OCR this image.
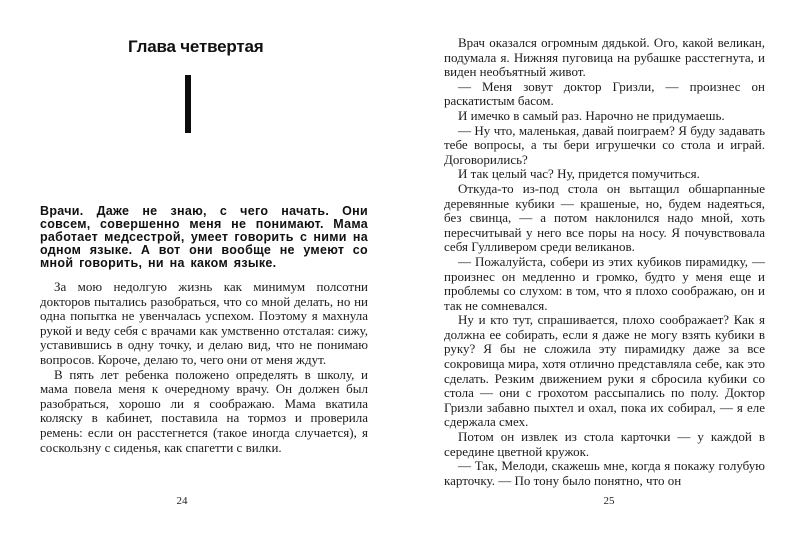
Глава четвертая
Врачи. Даже не знаю, с чего начать. Они совсем, совершенно меня не понимают. Мама работает медсестрой, умеет говорить с ними на одном языке. А вот они вообще не умеют со мной говорить, ни на каком языке.

За мою недолгую жизнь как минимум полсотни докторов пытались разобраться, что со мной делать, но ни одна попытка не увенчалась успехом. Поэтому я махнула рукой и веду себя с врачами как умственно отсталая: сижу, уставившись в одну точку, и делаю вид, что не понимаю вопросов. Короче, делаю то, чего они от меня ждут.

В пять лет ребенка положено определять в школу, и мама повела меня к очередному врачу. Он должен был разобраться, хорошо ли я соображаю. Мама вкатила коляску в кабинет, поставила на тормоз и проверила ремень: если он расстегнется (такое иногда случается), я соскользну с сиденья, как спагетти с вилки.

24

Врач оказался огромным дядькой. Ого, какой великан, подумала я. Нижняя пуговица на рубашке расстегнута, и виден необъятный живот.

— Меня зовут доктор Гризли, — произнес он раскатистым басом.

И имечко в самый раз. Нарочно не придумаешь.

— Ну что, маленькая, давай поиграем? Я буду задавать тебе вопросы, а ты бери игрушечки со стола и играй. Договорились?

И так целый час? Ну, придется помучиться.

Откуда-то из-под стола он вытащил обшарпанные деревянные кубики — крашеные, но, будем надеяться, без свинца, — а потом наклонился надо мной, хоть пересчитывай у него все поры на носу. Я почувствовала себя Гулливером среди великанов.

— Пожалуйста, собери из этих кубиков пирамидку, — произнес он медленно и громко, будто у меня еще и проблемы со слухом: в том, что я плохо соображаю, он и так не сомневался.

Ну и кто тут, спрашивается, плохо соображает? Как я должна ее собирать, если я даже не могу взять кубики в руку? Я бы не сложила эту пирамидку даже за все сокровища мира, хотя отлично представляла себе, как это сделать. Резким движением руки я сбросила кубики со стола — они с грохотом рассыпались по полу. Доктор Гризли забавно пыхтел и охал, пока их собирал, — я еле сдержала смех.

Потом он извлек из стола карточки — у каждой в середине цветной кружок.

— Так, Мелоди, скажешь мне, когда я покажу голубую карточку. — По тону было понятно, что он

25
